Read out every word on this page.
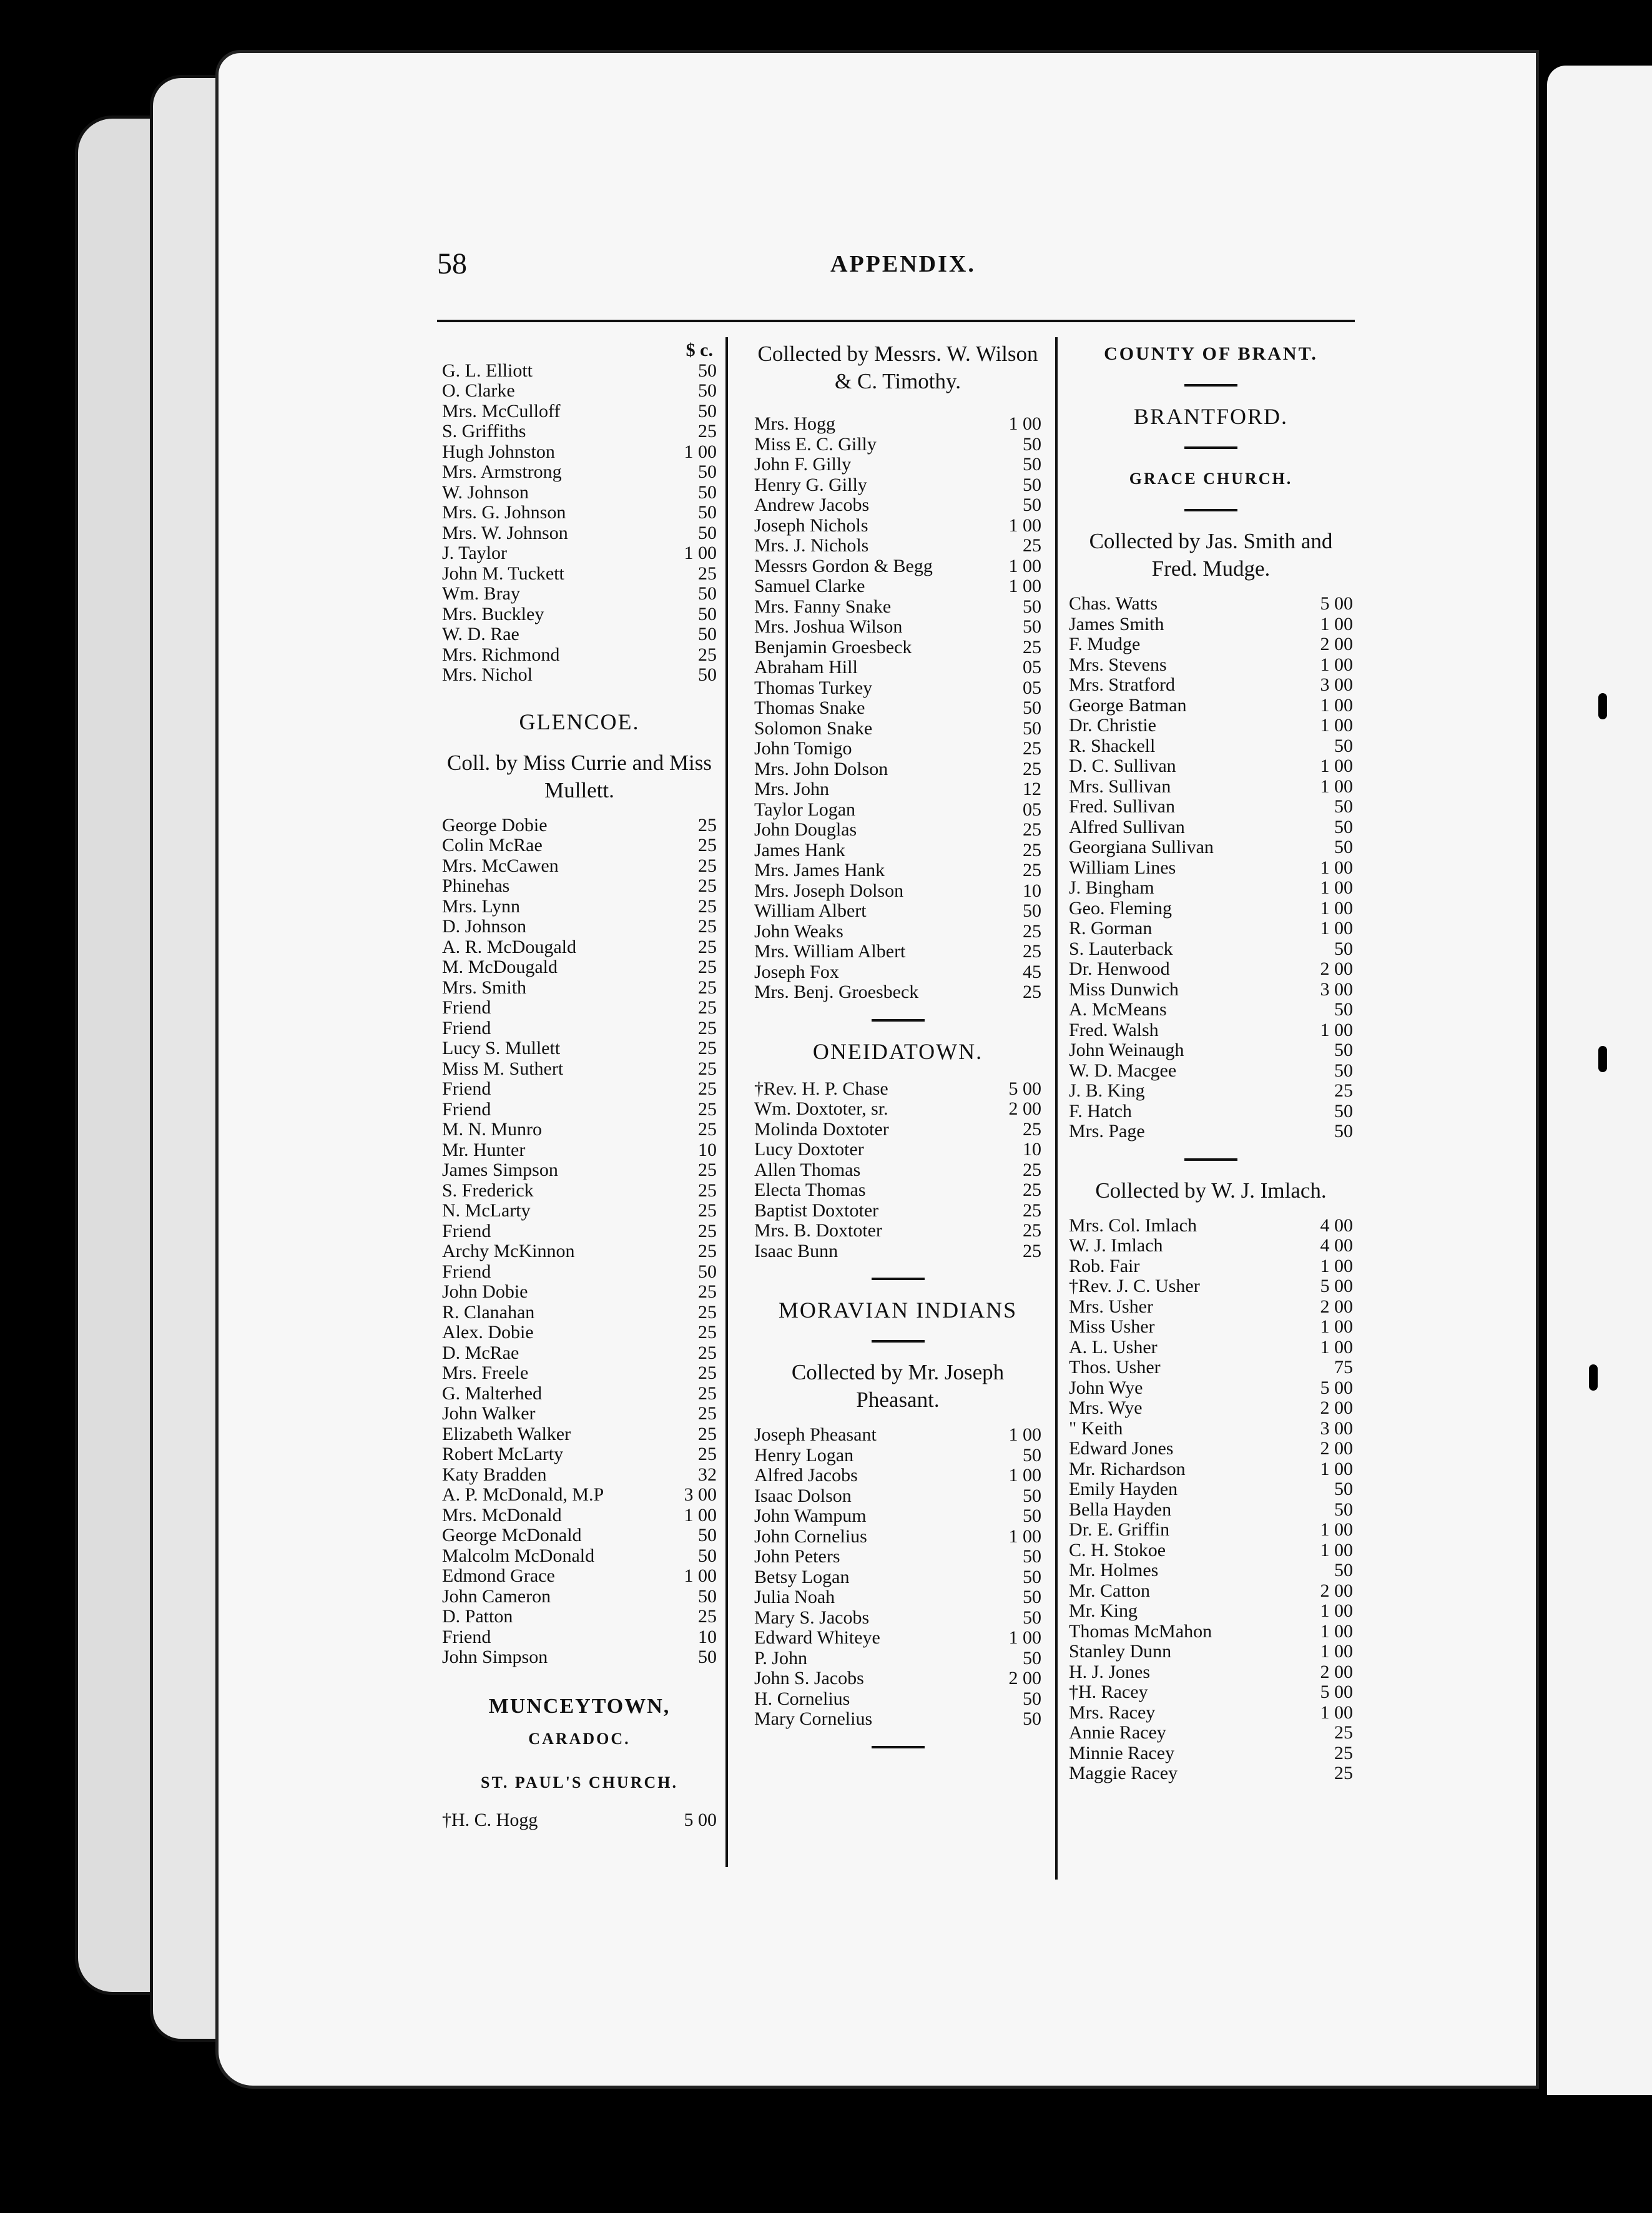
58	APPENDIX.
$ c.
G. L. Elliott	50
O. Clarke	50
Mrs. McCulloff	50
S. Griffiths	25
Hugh Johnston	1 00
Mrs. Armstrong	50
W. Johnson	50
Mrs. G. Johnson	50
Mrs. W. Johnson	50
J. Taylor	1 00
John M. Tuckett	25
Wm. Bray	50
Mrs. Buckley	50
W. D. Rae	50
Mrs. Richmond	25
Mrs. Nichol	50
GLENCOE.
Coll. by Miss Currie and Miss Mullett.
George Dobie	25
Colin McRae	25
Mrs. McCawen	25
Phinehas	25
Mrs. Lynn	25
D. Johnson	25
A. R. McDougald	25
M. McDougald	25
Mrs. Smith	25
Friend	25
Friend	25
Lucy S. Mullett	25
Miss M. Suthert	25
Friend	25
Friend	25
M. N. Munro	25
Mr. Hunter	10
James Simpson	25
S. Frederick	25
N. McLarty	25
Friend	25
Archy McKinnon	25
Friend	50
John Dobie	25
R. Clanahan	25
Alex. Dobie	25
D. McRae	25
Mrs. Freele	25
G. Malterhed	25
John Walker	25
Elizabeth Walker	25
Robert McLarty	25
Katy Bradden	32
A. P. McDonald, M.P	3 00
Mrs. McDonald	1 00
George McDonald	50
Malcolm McDonald	50
Edmond Grace	1 00
John Cameron	50
D. Patton	25
Friend	10
John Simpson	50
MUNCEYTOWN,
CARADOC.
ST. PAUL'S CHURCH.
†H. C. Hogg	5 00
Collected by Messrs. W. Wilson & C. Timothy.
Mrs. Hogg	1 00
Miss E. C. Gilly	50
John F. Gilly	50
Henry G. Gilly	50
Andrew Jacobs	50
Joseph Nichols	1 00
Mrs. J. Nichols	25
Messrs Gordon & Begg	1 00
Samuel Clarke	1 00
Mrs. Fanny Snake	50
Mrs. Joshua Wilson	50
Benjamin Groesbeck	25
Abraham Hill	05
Thomas Turkey	05
Thomas Snake	50
Solomon Snake	50
John Tomigo	25
Mrs. John Dolson	25
Mrs. John	12
Taylor Logan	05
John Douglas	25
James Hank	25
Mrs. James Hank	25
Mrs. Joseph Dolson	10
William Albert	50
John Weaks	25
Mrs. William Albert	25
Joseph Fox	45
Mrs. Benj. Groesbeck	25
ONEIDATOWN.
†Rev. H. P. Chase	5 00
Wm. Doxtoter, sr.	2 00
Molinda Doxtoter	25
Lucy Doxtoter	10
Allen Thomas	25
Electa Thomas	25
Baptist Doxtoter	25
Mrs. B. Doxtoter	25
Isaac Bunn	25
MORAVIAN INDIANS
Collected by Mr. Joseph Pheasant.
Joseph Pheasant	1 00
Henry Logan	50
Alfred Jacobs	1 00
Isaac Dolson	50
John Wampum	50
John Cornelius	1 00
John Peters	50
Betsy Logan	50
Julia Noah	50
Mary S. Jacobs	50
Edward Whiteye	1 00
P. John	50
John S. Jacobs	2 00
H. Cornelius	50
Mary Cornelius	50
COUNTY OF BRANT.
BRANTFORD.
GRACE CHURCH.
Collected by Jas. Smith and Fred. Mudge.
Chas. Watts	5 00
James Smith	1 00
F. Mudge	2 00
Mrs. Stevens	1 00
Mrs. Stratford	3 00
George Batman	1 00
Dr. Christie	1 00
R. Shackell	50
D. C. Sullivan	1 00
Mrs. Sullivan	1 00
Fred. Sullivan	50
Alfred Sullivan	50
Georgiana Sullivan	50
William Lines	1 00
J. Bingham	1 00
Geo. Fleming	1 00
R. Gorman	1 00
S. Lauterback	50
Dr. Henwood	2 00
Miss Dunwich	3 00
A. McMeans	50
Fred. Walsh	1 00
John Weinaugh	50
W. D. Macgee	50
J. B. King	25
F. Hatch	50
Mrs. Page	50
Collected by W. J. Imlach.
Mrs. Col. Imlach	4 00
W. J. Imlach	4 00
Rob. Fair	1 00
†Rev. J. C. Usher	5 00
Mrs. Usher	2 00
Miss Usher	1 00
A. L. Usher	1 00
Thos. Usher	75
John Wye	5 00
Mrs. Wye	2 00
" Keith	3 00
Edward Jones	2 00
Mr. Richardson	1 00
Emily Hayden	50
Bella Hayden	50
Dr. E. Griffin	1 00
C. H. Stokoe	1 00
Mr. Holmes	50
Mr. Catton	2 00
Mr. King	1 00
Thomas McMahon	1 00
Stanley Dunn	1 00
H. J. Jones	2 00
†H. Racey	5 00
Mrs. Racey	1 00
Annie Racey	25
Minnie Racey	25
Maggie Racey	25
